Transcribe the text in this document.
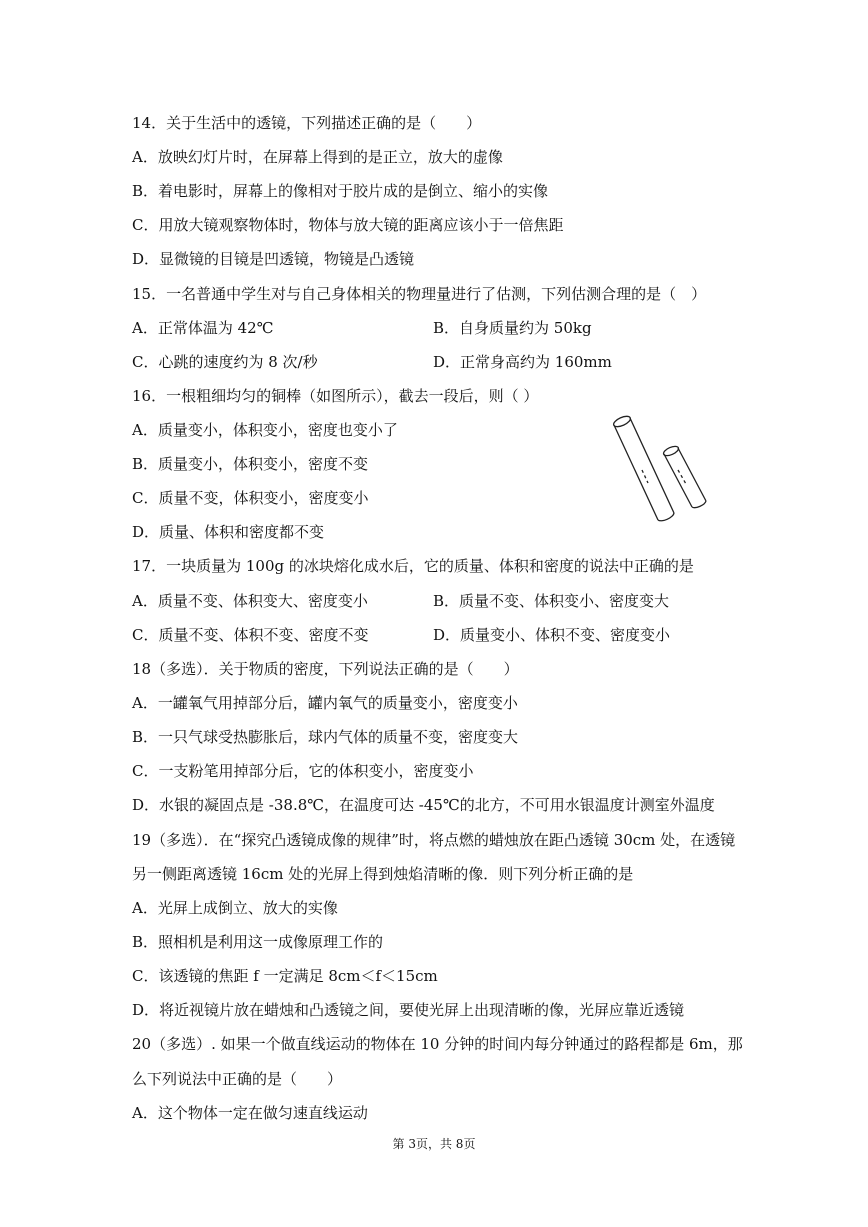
14．关于生活中的透镜，下列描述正确的是（　　）
A．放映幻灯片时，在屏幕上得到的是正立，放大的虚像
B．着电影时，屏幕上的像相对于胶片成的是倒立、缩小的实像
C．用放大镜观察物体时，物体与放大镜的距离应该小于一倍焦距
D．显微镜的目镜是凹透镜，物镜是凸透镜
15．一名普通中学生对与自己身体相关的物理量进行了估测，下列估测合理的是（　）
A．正常体温为 42℃	B．自身质量约为 50kg
C．心跳的速度约为 8 次/秒	D．正常身高约为 160mm
16．一根粗细均匀的铜棒（如图所示），截去一段后，则（ ）
A．质量变小，体积变小，密度也变小了
B．质量变小，体积变小，密度不变
C．质量不变，体积变小，密度变小
D．质量、体积和密度都不变
17．一块质量为 100g 的冰块熔化成水后，它的质量、体积和密度的说法中正确的是
A．质量不变、体积变大、密度变小	B．质量不变、体积变小、密度变大
C．质量不变、体积不变、密度不变	D．质量变小、体积不变、密度变小
18（多选）．关于物质的密度，下列说法正确的是（　　）
A．一罐氧气用掉部分后，罐内氧气的质量变小，密度变小
B．一只气球受热膨胀后，球内气体的质量不变，密度变大
C．一支粉笔用掉部分后，它的体积变小，密度变小
D．水银的凝固点是 -38.8℃，在温度可达 -45℃的北方，不可用水银温度计测室外温度
19（多选）．在“探究凸透镜成像的规律”时，将点燃的蜡烛放在距凸透镜 30cm 处，在透镜
另一侧距离透镜 16cm 处的光屏上得到烛焰清晰的像．则下列分析正确的是
A．光屏上成倒立、放大的实像
B．照相机是利用这一成像原理工作的
C．该透镜的焦距 f 一定满足 8cm＜f＜15cm
D．将近视镜片放在蜡烛和凸透镜之间，要使光屏上出现清晰的像，光屏应靠近透镜
20（多选）. 如果一个做直线运动的物体在 10 分钟的时间内每分钟通过的路程都是 6m，那
么下列说法中正确的是（　　）
A．这个物体一定在做匀速直线运动
第 3页，共 8页
